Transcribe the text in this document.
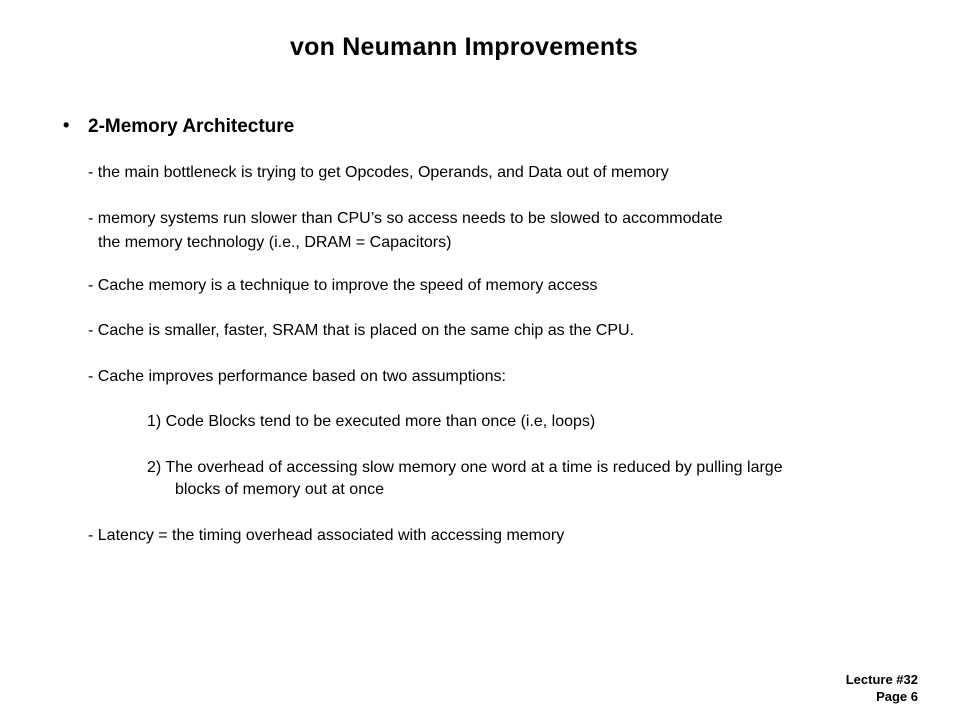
von Neumann Improvements
• 2-Memory Architecture
- the main bottleneck is trying to get Opcodes, Operands, and Data out of memory
- memory systems run slower than CPU’s so access needs to be slowed to accommodate
the memory technology (i.e., DRAM = Capacitors)
- Cache memory is a technique to improve the speed of memory access
- Cache is smaller, faster, SRAM that is placed on the same chip as the CPU.
- Cache improves performance based on two assumptions:
1) Code Blocks tend to be executed more than once (i.e, loops)
2) The overhead of accessing slow memory one word at a time is reduced by pulling large
blocks of memory out at once
- Latency = the timing overhead associated with accessing memory
Lecture #32
Page 6
